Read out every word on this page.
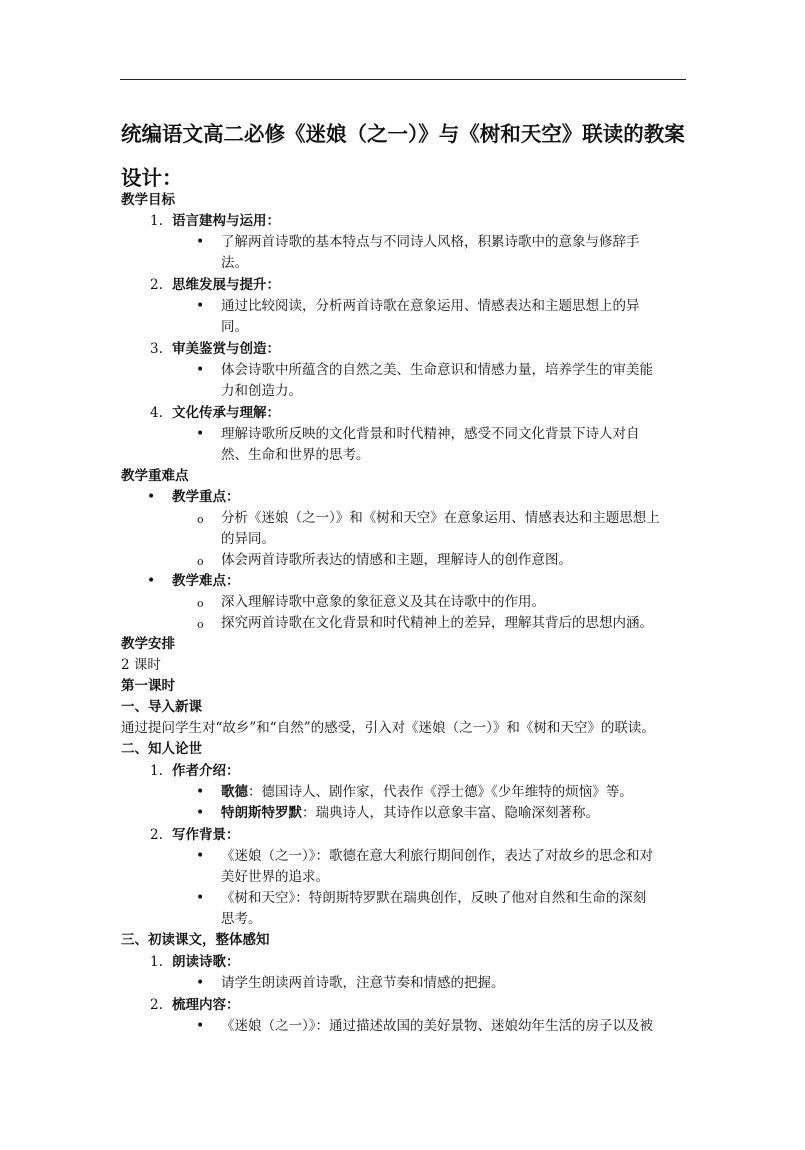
统编语文高二必修《迷娘（之一）》与《树和天空》联读的教案设计：
教学目标
1. 语言建构与运用：
• 了解两首诗歌的基本特点与不同诗人风格，积累诗歌中的意象与修辞手
法。
2. 思维发展与提升：
• 通过比较阅读，分析两首诗歌在意象运用、情感表达和主题思想上的异
同。
3. 审美鉴赏与创造：
• 体会诗歌中所蕴含的自然之美、生命意识和情感力量，培养学生的审美能
力和创造力。
4. 文化传承与理解：
• 理解诗歌所反映的文化背景和时代精神，感受不同文化背景下诗人对自
然、生命和世界的思考。
教学重难点
• 教学重点：
o 分析《迷娘（之一）》和《树和天空》在意象运用、情感表达和主题思想上
的异同。
o 体会两首诗歌所表达的情感和主题，理解诗人的创作意图。
• 教学难点：
o 深入理解诗歌中意象的象征意义及其在诗歌中的作用。
o 探究两首诗歌在文化背景和时代精神上的差异，理解其背后的思想内涵。
教学安排
2 课时
第一课时
一、导入新课
通过提问学生对“故乡”和“自然”的感受，引入对《迷娘（之一）》和《树和天空》的联读。
二、知人论世
1. 作者介绍：
• 歌德：德国诗人、剧作家，代表作《浮士德》《少年维特的烦恼》等。
• 特朗斯特罗默：瑞典诗人，其诗作以意象丰富、隐喻深刻著称。
2. 写作背景：
• 《迷娘（之一）》：歌德在意大利旅行期间创作，表达了对故乡的思念和对
美好世界的追求。
• 《树和天空》：特朗斯特罗默在瑞典创作，反映了他对自然和生命的深刻
思考。
三、初读课文，整体感知
1. 朗读诗歌：
• 请学生朗读两首诗歌，注意节奏和情感的把握。
2. 梳理内容：
• 《迷娘（之一）》：通过描述故国的美好景物、迷娘幼年生活的房子以及被
